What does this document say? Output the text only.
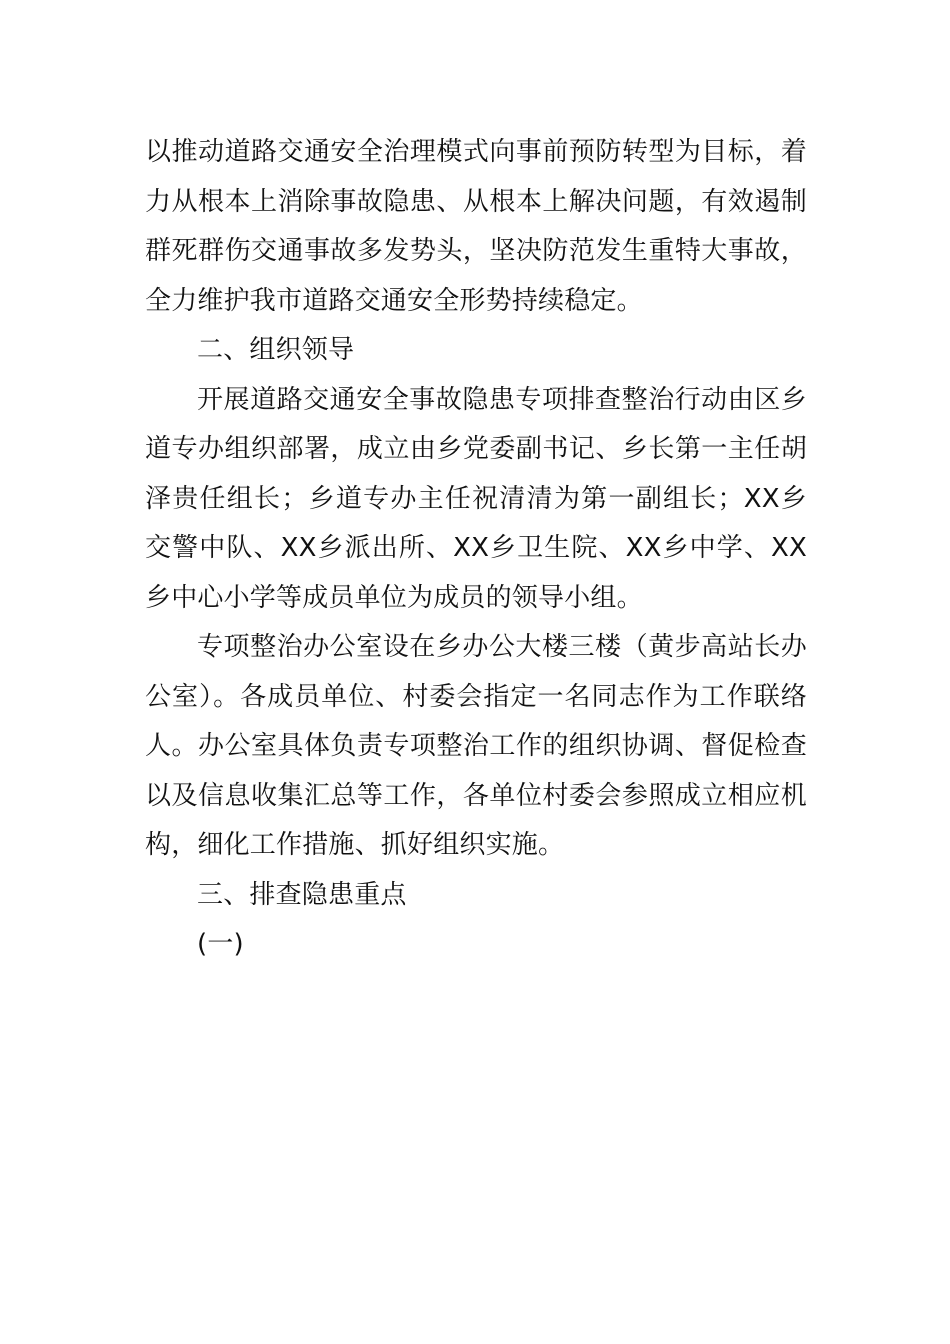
以推动道路交通安全治理模式向事前预防转型为目标，着力从根本上消除事故隐患、从根本上解决问题，有效遏制群死群伤交通事故多发势头，坚决防范发生重特大事故，全力维护我市道路交通安全形势持续稳定。

二、组织领导

开展道路交通安全事故隐患专项排查整治行动由区乡道专办组织部署，成立由乡党委副书记、乡长第一主任胡泽贵任组长；乡道专办主任祝清清为第一副组长；XX乡交警中队、XX乡派出所、XX乡卫生院、XX乡中学、XX乡中心小学等成员单位为成员的领导小组。

专项整治办公室设在乡办公大楼三楼（黄步高站长办公室）。各成员单位、村委会指定一名同志作为工作联络人。办公室具体负责专项整治工作的组织协调、督促检查以及信息收集汇总等工作，各单位村委会参照成立相应机构，细化工作措施、抓好组织实施。

三、排查隐患重点

(一)
